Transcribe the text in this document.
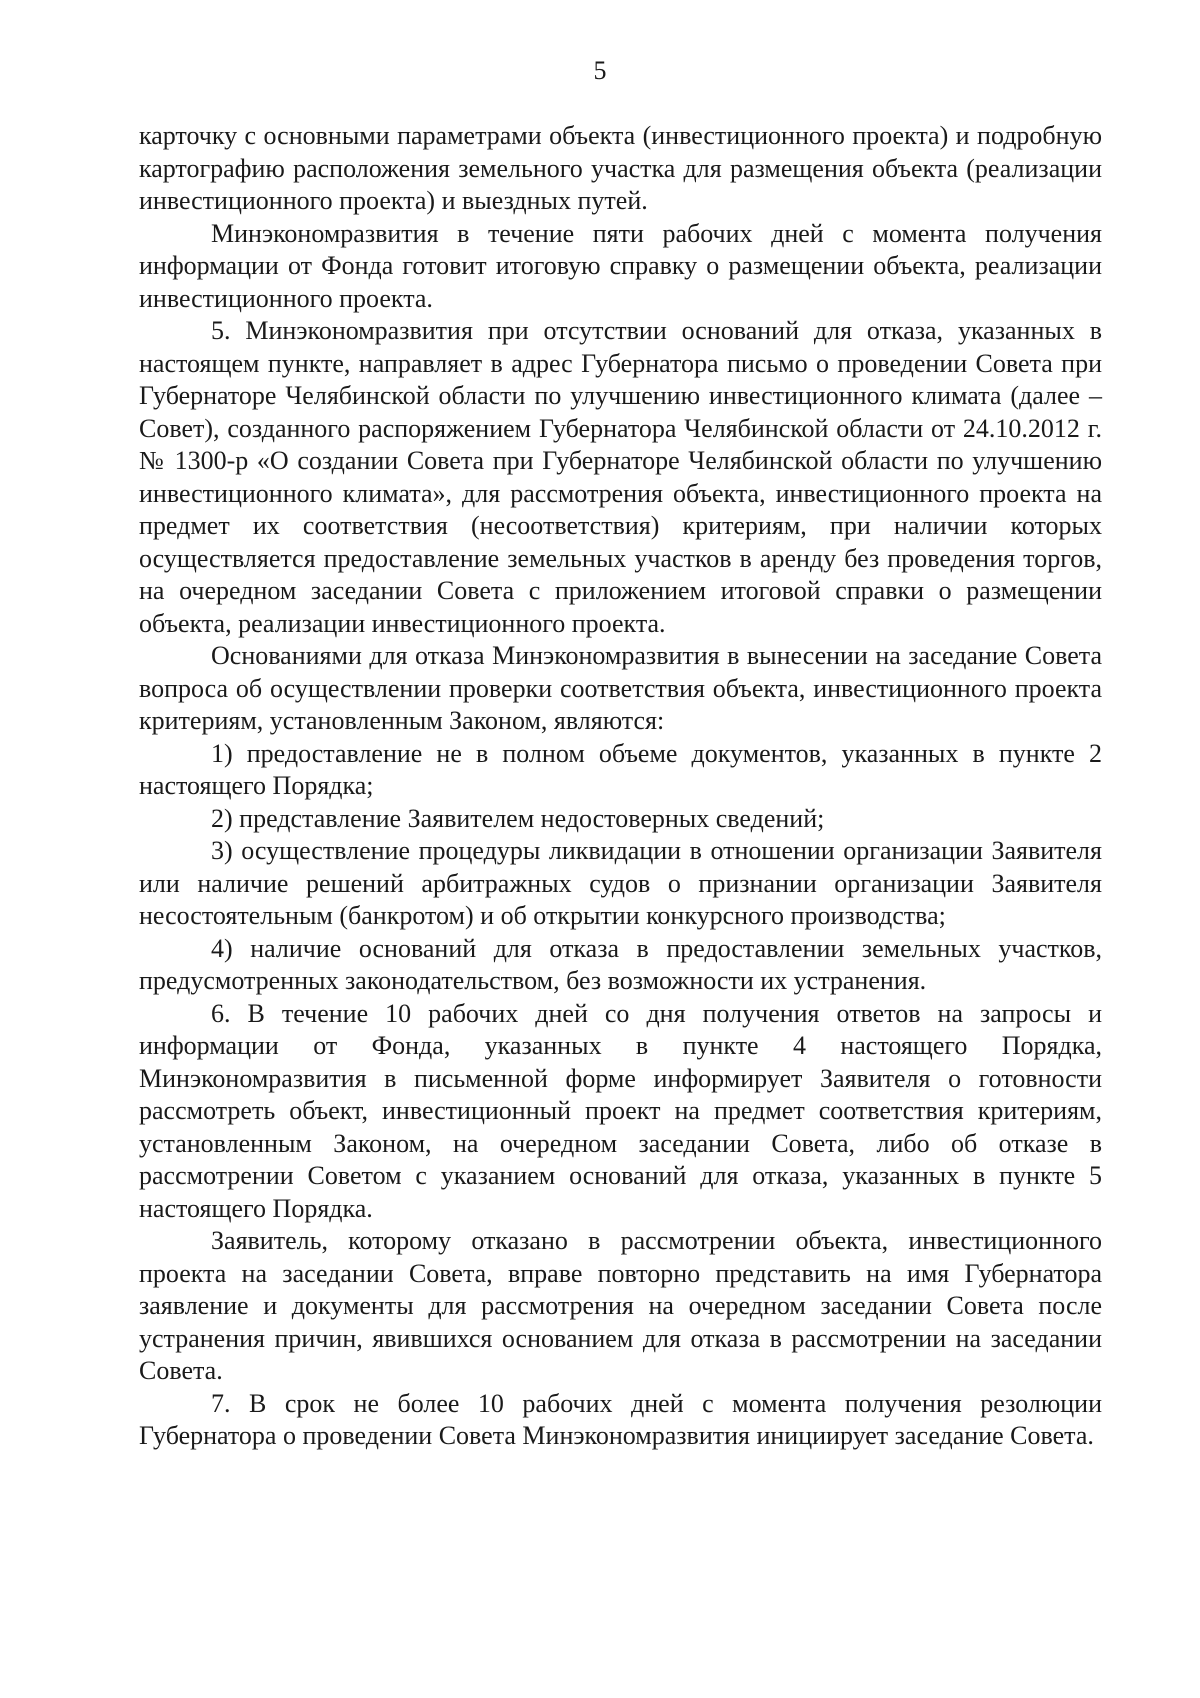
5

карточку с основными параметрами объекта (инвестиционного проекта) и подробную картографию расположения земельного участка для размещения объекта (реализации инвестиционного проекта) и выездных путей.

Минэкономразвития в течение пяти рабочих дней с момента получения информации от Фонда готовит итоговую справку о размещении объекта, реализации инвестиционного проекта.

5. Минэкономразвития при отсутствии оснований для отказа, указанных в настоящем пункте, направляет в адрес Губернатора письмо о проведении Совета при Губернаторе Челябинской области по улучшению инвестиционного климата (далее – Совет), созданного распоряжением Губернатора Челябинской области от 24.10.2012 г. № 1300-р «О создании Совета при Губернаторе Челябинской области по улучшению инвестиционного климата», для рассмотрения объекта, инвестиционного проекта на предмет их соответствия (несоответствия) критериям, при наличии которых осуществляется предоставление земельных участков в аренду без проведения торгов, на очередном заседании Совета с приложением итоговой справки о размещении объекта, реализации инвестиционного проекта.

Основаниями для отказа Минэкономразвития в вынесении на заседание Совета вопроса об осуществлении проверки соответствия объекта, инвестиционного проекта критериям, установленным Законом, являются:

1) предоставление не в полном объеме документов, указанных в пункте 2 настоящего Порядка;

2) представление Заявителем недостоверных сведений;

3) осуществление процедуры ликвидации в отношении организации Заявителя или наличие решений арбитражных судов о признании организации Заявителя несостоятельным (банкротом) и об открытии конкурсного производства;

4) наличие оснований для отказа в предоставлении земельных участков, предусмотренных законодательством, без возможности их устранения.

6. В течение 10 рабочих дней со дня получения ответов на запросы и информации от Фонда, указанных в пункте 4 настоящего Порядка, Минэкономразвития в письменной форме информирует Заявителя о готовности рассмотреть объект, инвестиционный проект на предмет соответствия критериям, установленным Законом, на очередном заседании Совета, либо об отказе в рассмотрении Советом с указанием оснований для отказа, указанных в пункте 5 настоящего Порядка.

Заявитель, которому отказано в рассмотрении объекта, инвестиционного проекта на заседании Совета, вправе повторно представить на имя Губернатора заявление и документы для рассмотрения на очередном заседании Совета после устранения причин, явившихся основанием для отказа в рассмотрении на заседании Совета.

7. В срок не более 10 рабочих дней с момента получения резолюции Губернатора о проведении Совета Минэкономразвития инициирует заседание Совета.
